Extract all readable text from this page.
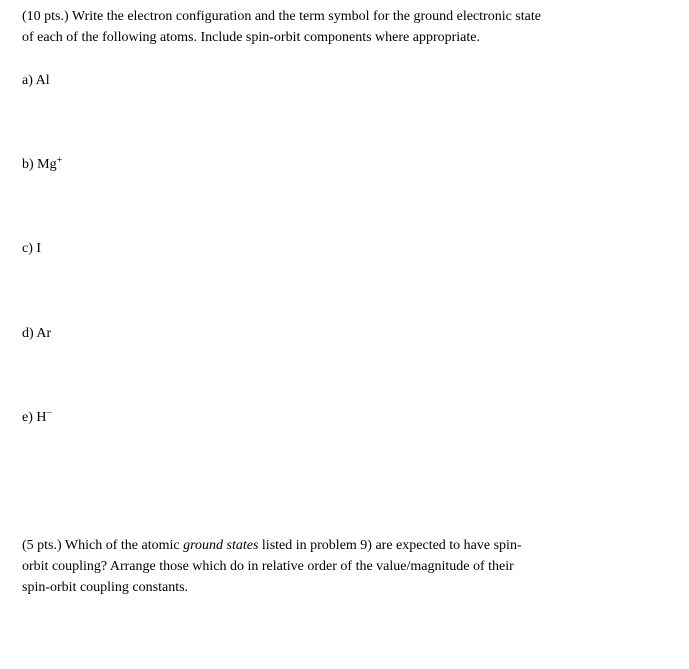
(10 pts.) Write the electron configuration and the term symbol for the ground electronic state
of each of the following atoms. Include spin-orbit components where appropriate.
a) Al
b) Mg+
c) I
d) Ar
e) H−
(5 pts.) Which of the atomic ground states listed in problem 9) are expected to have spin-
orbit coupling? Arrange those which do in relative order of the value/magnitude of their
spin-orbit coupling constants.
